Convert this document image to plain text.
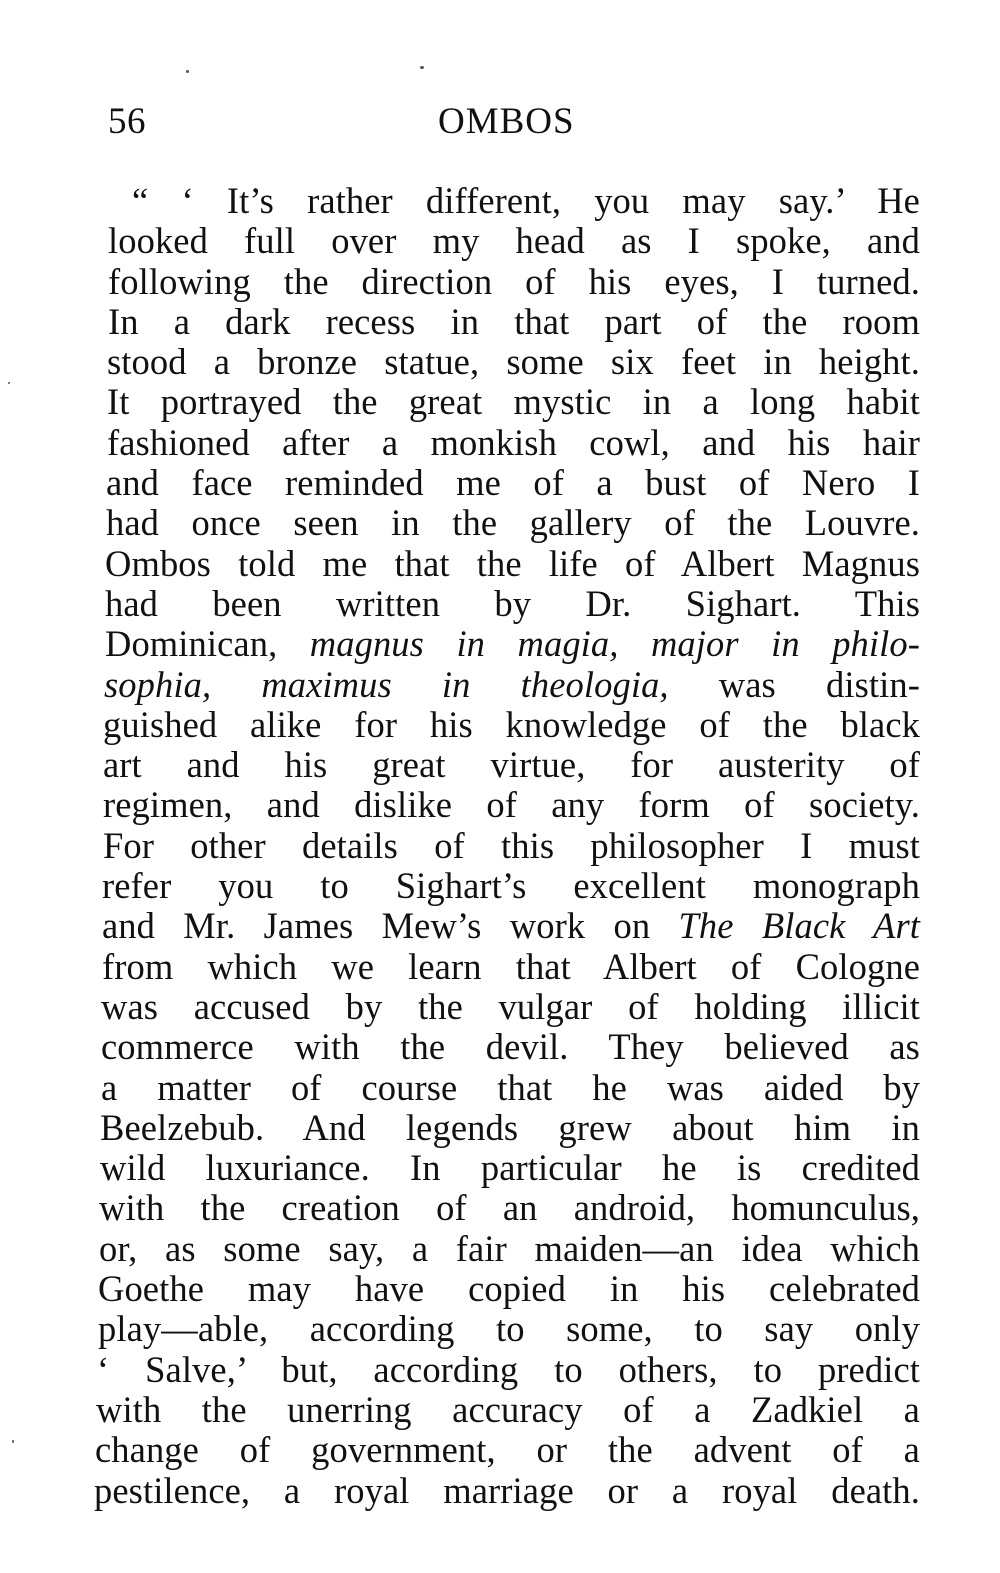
56	OMBOS
“ ‘ It’s rather different, you may say.’ He
looked full over my head as I spoke, and
following the direction of his eyes, I turned.
In a dark recess in that part of the room
stood a bronze statue, some six feet in height.
It portrayed the great mystic in a long habit
fashioned after a monkish cowl, and his hair
and face reminded me of a bust of Nero I
had once seen in the gallery of the Louvre.
Ombos told me that the life of Albert Magnus
had been written by Dr. Sighart. This
Dominican, magnus in magia, major in philo-
sophia, maximus in theologia, was distin-
guished alike for his knowledge of the black
art and his great virtue, for austerity of
regimen, and dislike of any form of society.
For other details of this philosopher I must
refer you to Sighart’s excellent monograph
and Mr. James Mew’s work on The Black Art
from which we learn that Albert of Cologne
was accused by the vulgar of holding illicit
commerce with the devil. They believed as
a matter of course that he was aided by
Beelzebub. And legends grew about him in
wild luxuriance. In particular he is credited
with the creation of an android, homunculus,
or, as some say, a fair maiden—an idea which
Goethe may have copied in his celebrated
play—able, according to some, to say only
‘ Salve,’ but, according to others, to predict
with the unerring accuracy of a Zadkiel a
change of government, or the advent of a
pestilence, a royal marriage or a royal death.
